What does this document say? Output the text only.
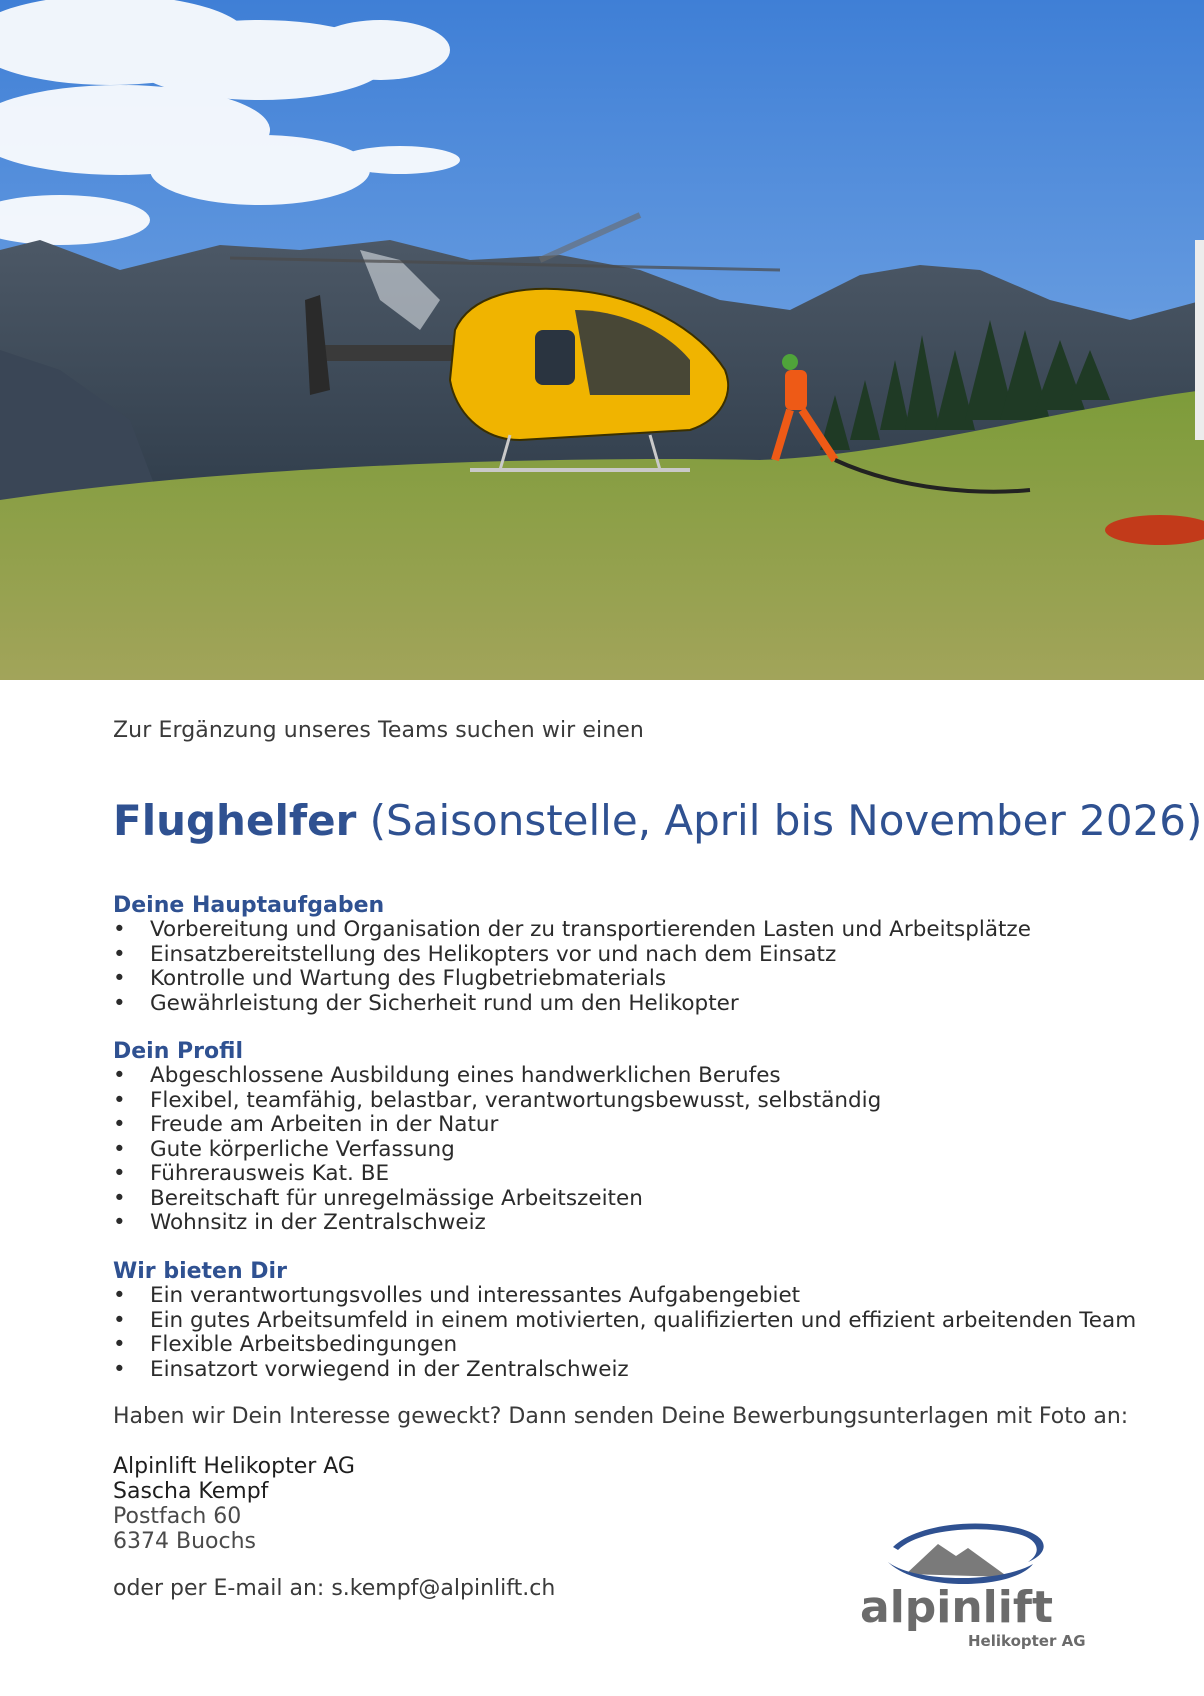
Zur Ergänzung unseres Teams suchen wir einen
Flughelfer (Saisonstelle, April bis November 2026)
Deine Hauptaufgaben
• Vorbereitung und Organisation der zu transportierenden Lasten und Arbeitsplätze
• Einsatzbereitstellung des Helikopters vor und nach dem Einsatz
• Kontrolle und Wartung des Flugbetriebmaterials
• Gewährleistung der Sicherheit rund um den Helikopter
Dein Profil
• Abgeschlossene Ausbildung eines handwerklichen Berufes
• Flexibel, teamfähig, belastbar, verantwortungsbewusst, selbständig
• Freude am Arbeiten in der Natur
• Gute körperliche Verfassung
• Führerausweis Kat. BE
• Bereitschaft für unregelmässige Arbeitszeiten
• Wohnsitz in der Zentralschweiz
Wir bieten Dir
• Ein verantwortungsvolles und interessantes Aufgabengebiet
• Ein gutes Arbeitsumfeld in einem motivierten, qualifizierten und effizient arbeitenden Team
• Flexible Arbeitsbedingungen
• Einsatzort vorwiegend in der Zentralschweiz
Haben wir Dein Interesse geweckt? Dann senden Deine Bewerbungsunterlagen mit Foto an:
Alpinlift Helikopter AG
Sascha Kempf
Postfach 60
6374 Buochs
oder per E-mail an: s.kempf@alpinlift.ch	alpinlift
Helikopter AG
